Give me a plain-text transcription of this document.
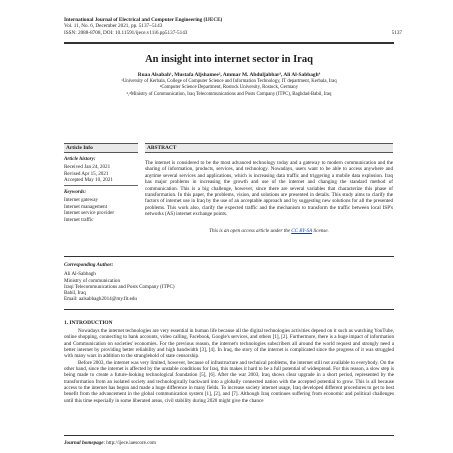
International Journal of Electrical and Computer Engineering (IJECE)
Vol. 11, No. 6, December 2021, pp. 5137~5143
ISSN: 2088-8708, DOI: 10.11591/ijece.v11i6.pp5137-5143	5137
An insight into internet sector in Iraq
Ruaa Alsabah¹, Mustafa Aljshamee², Ammar M. Abduljabbar³, Ali Al-Sabbagh⁴
¹University of Kerbala, College of Computer Science and Information Technology, IT department, Kerbala, Iraq
²Computer Science Department, Rostock University, Rostock, Germany
³,⁴Ministry of Communication, Iraq Telecommunications and Posts Company (ITPC), Baghdad-Babil, Iraq
Article Info	ABSTRACT
Article history:
Received Jan 24, 2021
Revised Apr 15, 2021
Accepted May 10, 2021
Keywords:
Internet gateway
Internet management
Internet service provider
Internet traffic
The internet is considered to be the most advanced technology today and a gateway to modern communication and the sharing of information, products, services, and technology. Nowadays, users want to be able to access anywhere and anytime several services and applications, which is increasing data traffic and triggering a mobile data explosion. Iraq has major problems in increasing the growth and use of the internet and changing the standard method of communication. This is a big challenge, however, since there are several variables that characterize this phase of transformation. In this paper, the problems, vision, and solutions are presented in details. This study aims to clarify the factors of internet use in Iraq by the use of an acceptable approach and by suggesting new solutions for all the presented problems. This work also, clarify the expected traffic and the mechanism to transform the traffic between local ISP's networks (AS) internet exchange points.
This is an open access article under the CC BY-SA license.
Corresponding Author:
Ali Al-Sabbagh
Ministry of communication
Iraqi Telecommunications and Posts Company (ITPC)
Babil, Iraq
Email: aalsabbagh2014@my.fit.edu
1. INTRODUCTION
Nowadays the internet technologies are very essential in human life because all the digital technologies activities depend on it such as watching YouTube, online shopping, connecting to bank accounts, video calling, Facebook, Google's services, and others [1], [2]. Furthermore, there is a huge impact of information and Communication on societies' economies. For the previous reason, the internet's technologies subscribers all around the world request and strongly need a better internet by providing better reliability and high bandwidth [3], [4]. In Iraq, the story of the internet is complicated since the progress of it was struggled with many wars in addition to the stranglehold of state censorship.
Before 2003, the internet was very limited, however, because of infrastructure and technical problems, the internet still not available to everybody. On the other hand, since the internet is affected by the unstable conditions for Iraq, this makes it hard to be a full potential of widespread. For this reason, a slow step is being made to create a future-looking technological foundation [5], [6]. After the war 2003, Iraq shows clear upgrade in a short period, represented by the transformation from an isolated society and technologically backward into a globally connected nation with the accepted potential to grow. This is all because access to the internet has begun and made a huge difference in many fields. To increase society internet usage, Iraq developed different procedures to get to best benefit from the advancement in the global communication system [1], [2], and [7]. Although Iraq continues suffering from economic and political challenges until this time especially in some liberated areas, civil stability during 2020 might give the chance
Journal homepage: http://ijece.iaescore.com
